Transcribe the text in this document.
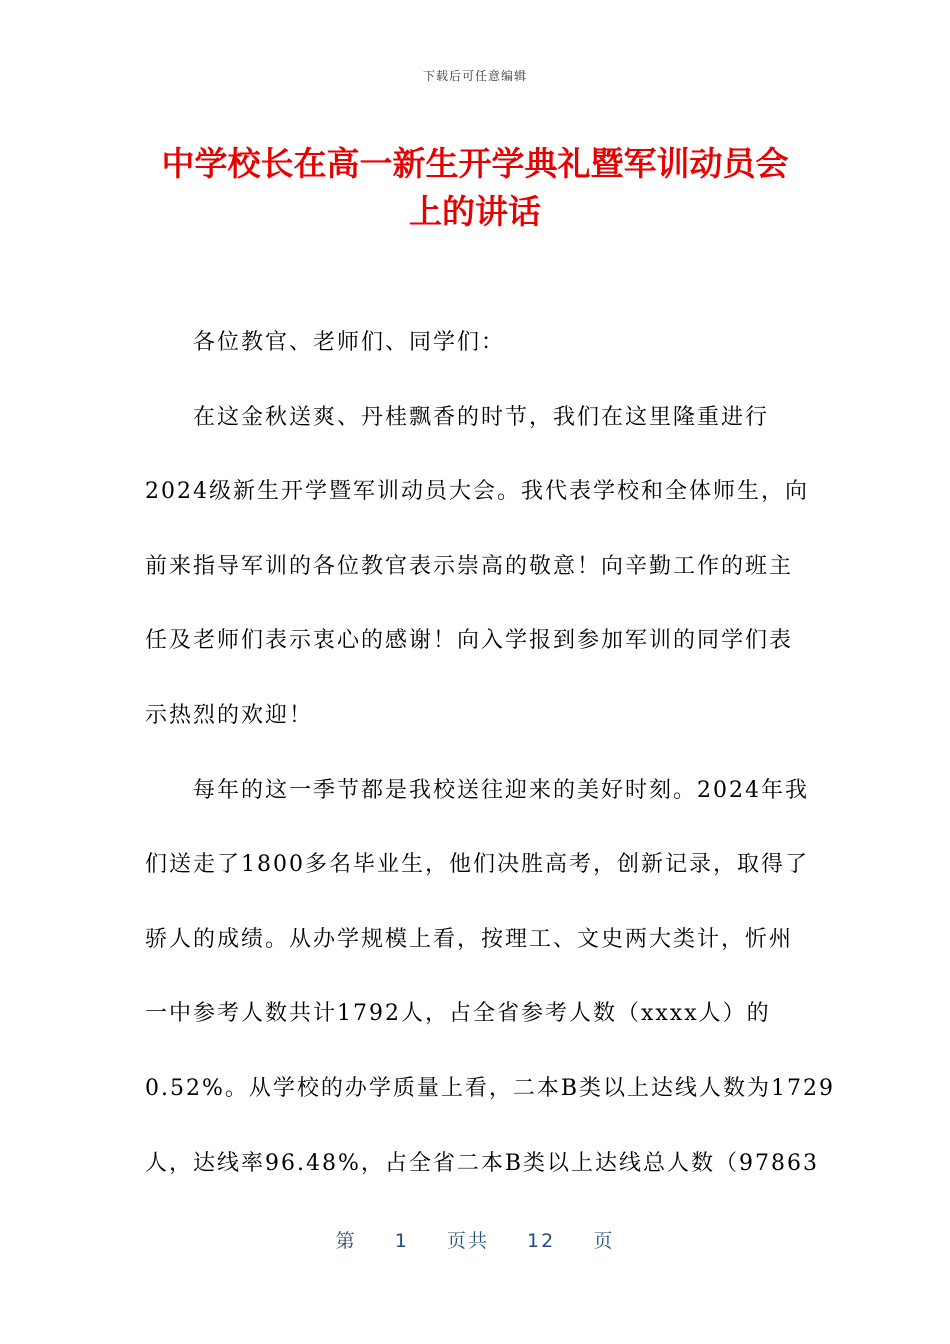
下载后可任意编辑
中学校长在高一新生开学典礼暨军训动员会
上的讲话
各位教官、老师们、同学们：
在这金秋送爽、丹桂飘香的时节，我们在这里隆重进行
2024级新生开学暨军训动员大会。我代表学校和全体师生，向
前来指导军训的各位教官表示崇高的敬意！向辛勤工作的班主
任及老师们表示衷心的感谢！向入学报到参加军训的同学们表
示热烈的欢迎！
每年的这一季节都是我校送往迎来的美好时刻。2024年我
们送走了1800多名毕业生，他们决胜高考，创新记录，取得了
骄人的成绩。从办学规模上看，按理工、文史两大类计，忻州
一中参考人数共计1792人，占全省参考人数（xxxx人）的
0.52%。从学校的办学质量上看，二本B类以上达线人数为1729
人，达线率96.48%，占全省二本B类以上达线总人数（97863
第 1 页共 12 页
